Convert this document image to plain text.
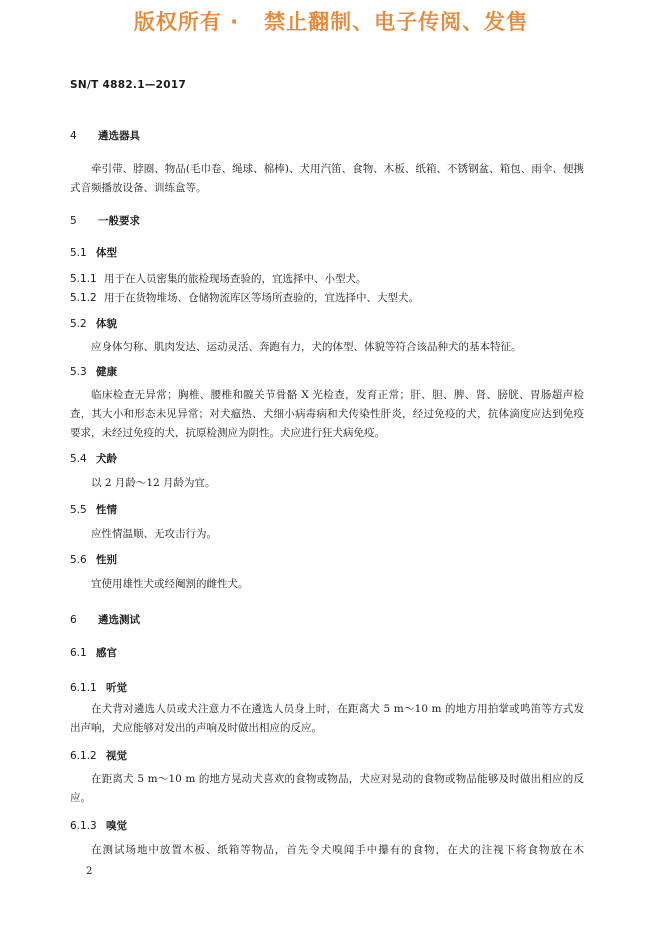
版权所有 ·   禁止翻制、电子传阅、发售
SN/T 4882.1—2017
4 遴选器具
牵引带、脖圈、物品(毛巾卷、绳球、棉棒)、犬用汽笛、食物、木板、纸箱、不锈钢盆、箱包、雨伞、便携式音频播放设备、训练盒等。
5 一般要求
5.1 体型
5.1.1 用于在人员密集的旅检现场查验的，宜选择中、小型犬。
5.1.2 用于在货物堆场、仓储物流库区等场所查验的，宜选择中、大型犬。
5.2 体貌
应身体匀称、肌肉发达、运动灵活、奔跑有力，犬的体型、体貌等符合该品种犬的基本特征。
5.3 健康
临床检查无异常；胸椎、腰椎和髋关节骨骼 X 光检查，发育正常；肝、胆、脾、肾、膀胱、胃肠超声检查，其大小和形态未见异常；对犬瘟热、犬细小病毒病和犬传染性肝炎，经过免疫的犬，抗体滴度应达到免疫要求，未经过免疫的犬，抗原检测应为阴性。犬应进行狂犬病免疫。
5.4 犬龄
以 2 月龄～12 月龄为宜。
5.5 性情
应性情温顺、无攻击行为。
5.6 性别
宜使用雄性犬或经阉割的雌性犬。
6 遴选测试
6.1 感官
6.1.1 听觉
在犬背对遴选人员或犬注意力不在遴选人员身上时，在距离犬 5 m～10 m 的地方用拍掌或鸣笛等方式发出声响，犬应能够对发出的声响及时做出相应的反应。
6.1.2 视觉
在距离犬 5 m～10 m 的地方晃动犬喜欢的食物或物品，犬应对晃动的食物或物品能够及时做出相应的反应。
6.1.3 嗅觉
在测试场地中放置木板、纸箱等物品，首先令犬嗅闻手中攥有的食物，在犬的注视下将食物放在木
2
